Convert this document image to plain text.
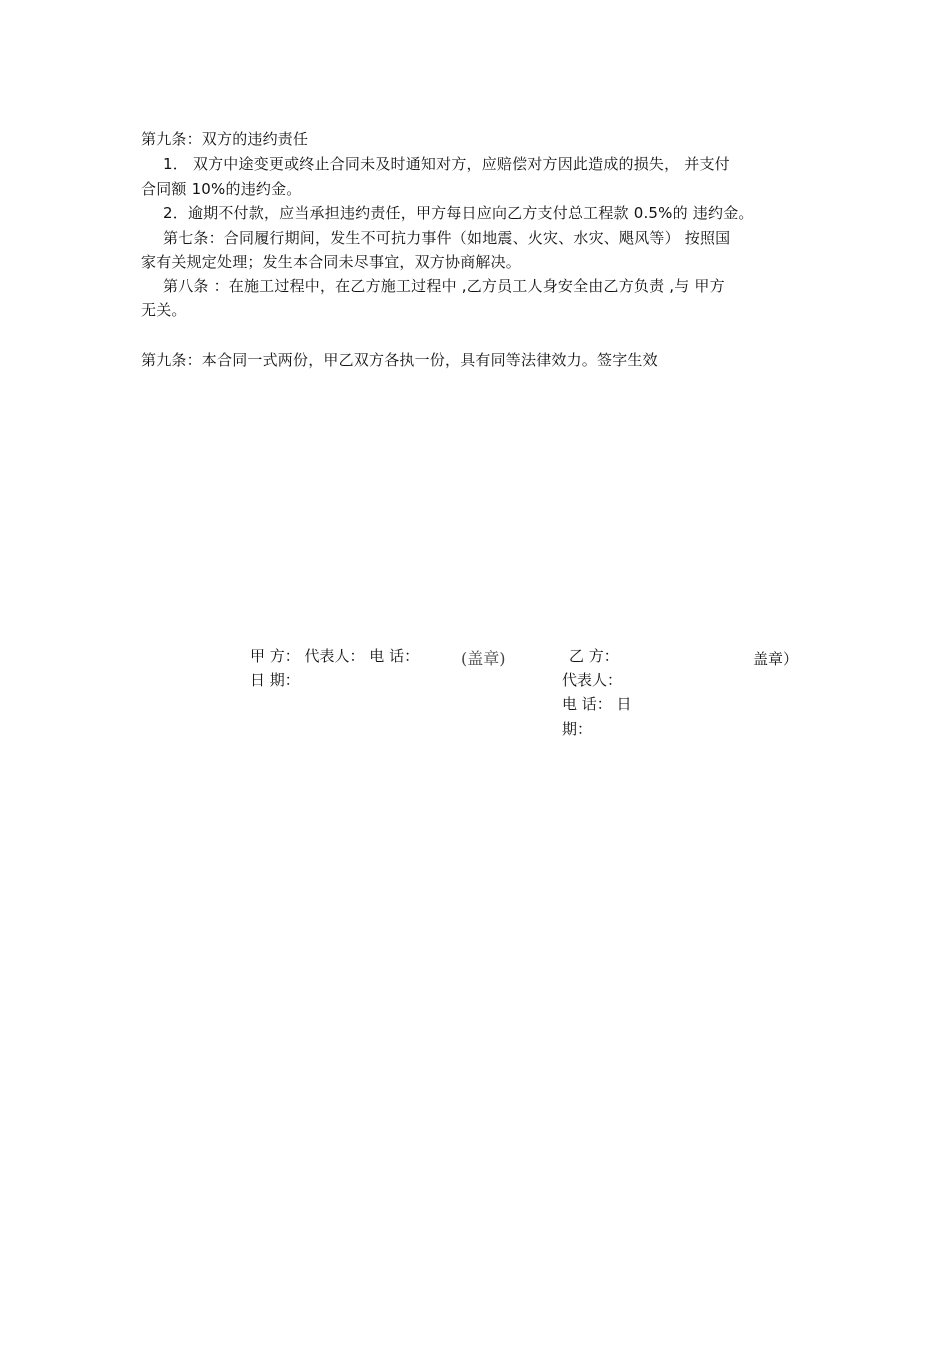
第九条：双方的违约责任
1． 双方中途变更或终止合同未及时通知对方，应赔偿对方因此造成的损失， 并支付
合同额 10%的违约金。
2．逾期不付款，应当承担违约责任，甲方每日应向乙方支付总工程款 0.5%的 违约金。
第七条：合同履行期间，发生不可抗力事件（如地震、火灾、水灾、飓风等） 按照国
家有关规定处理；发生本合同未尽事宜，双方协商解决。
第八条 ：在施工过程中，在乙方施工过程中 ,乙方员工人身安全由乙方负责 ,与 甲方
无关。
第九条：本合同一式两份，甲乙双方各执一份，具有同等法律效力。签字生效
甲 方： 代表人： 电 话：	(盖章)
日 期：
乙 方：	盖章）
代表人：
电 话： 日
期：
